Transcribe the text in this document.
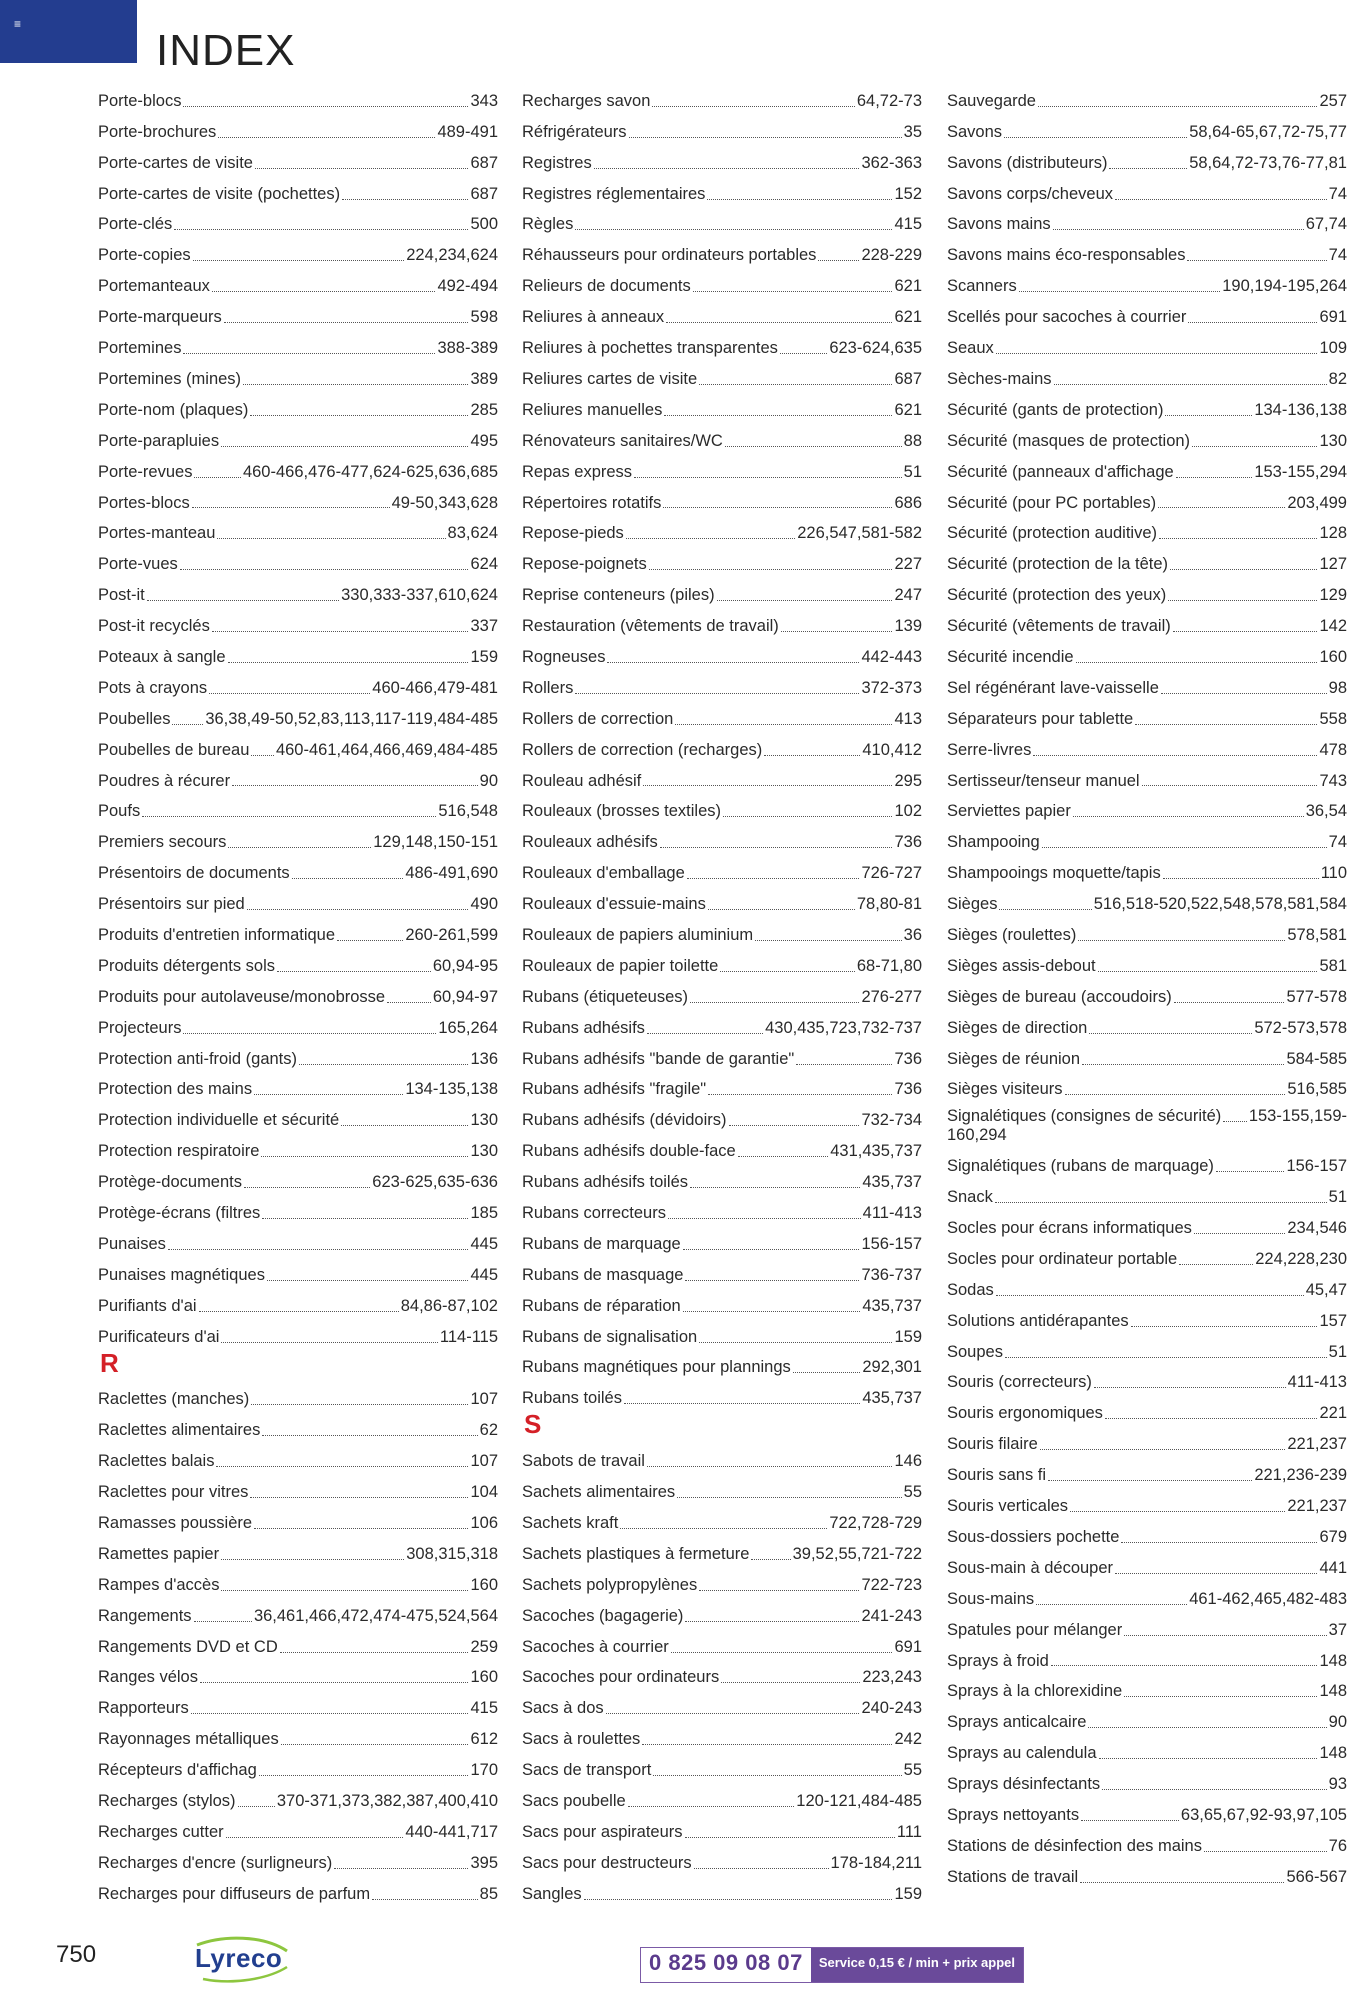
≡
INDEX
Porte-blocs	343
Porte-brochures	489-491
Porte-cartes de visite	687
Porte-cartes de visite (pochettes)	687
Porte-clés	500
Porte-copies	224,234,624
Portemanteaux	492-494
Porte-marqueurs	598
Portemines	388-389
Portemines (mines)	389
Porte-nom (plaques)	285
Porte-parapluies	495
Porte-revues	460-466,476-477,624-625,636,685
Portes-blocs	49-50,343,628
Portes-manteau	83,624
Porte-vues	624
Post-it	330,333-337,610,624
Post-it recyclés	337
Poteaux à sangle	159
Pots à crayons	460-466,479-481
Poubelles 36,38,49-50,52,83,113,117-119,484-485
Poubelles de bureau 460-461,464,466,469,484-485
Poudres à récurer	90
Poufs	516,548
Premiers secours	129,148,150-151
Présentoirs de documents	486-491,690
Présentoirs sur pied	490
Produits d'entretien informatique	260-261,599
Produits détergents sols	60,94-95
Produits pour autolaveuse/monobrosse	60,94-97
Projecteurs	165,264
Protection anti-froid (gants)	136
Protection des mains	134-135,138
Protection individuelle et sécurité	130
Protection respiratoire	130
Protège-documents	623-625,635-636
Protège-écrans (filtres	185
Punaises	445
Punaises magnétiques	445
Purifiants d'ai	84,86-87,102
Purificateurs d'ai	114-115
R
Raclettes (manches)	107
Raclettes alimentaires	62
Raclettes balais	107
Raclettes pour vitres	104
Ramasses poussière	106
Ramettes papier	308,315,318
Rampes d'accès	160
Rangements	36,461,466,472,474-475,524,564
Rangements DVD et CD	259
Ranges vélos	160
Rapporteurs	415
Rayonnages métalliques	612
Récepteurs d'affichag	170
Recharges (stylos)	370-371,373,382,387,400,410
Recharges cutter	440-441,717
Recharges d'encre (surligneurs)	395
Recharges pour diffuseurs de parfum	85
Recharges savon	64,72-73
Réfrigérateurs	35
Registres	362-363
Registres réglementaires	152
Règles	415
Réhausseurs pour ordinateurs portables	228-229
Relieurs de documents	621
Reliures à anneaux	621
Reliures à pochettes transparentes	623-624,635
Reliures cartes de visite	687
Reliures manuelles	621
Rénovateurs sanitaires/WC	88
Repas express	51
Répertoires rotatifs	686
Repose-pieds	226,547,581-582
Repose-poignets	227
Reprise conteneurs (piles)	247
Restauration (vêtements de travail)	139
Rogneuses	442-443
Rollers	372-373
Rollers de correction	413
Rollers de correction (recharges)	410,412
Rouleau adhésif	295
Rouleaux (brosses textiles)	102
Rouleaux adhésifs	736
Rouleaux d'emballage	726-727
Rouleaux d'essuie-mains	78,80-81
Rouleaux de papiers aluminium	36
Rouleaux de papier toilette	68-71,80
Rubans (étiqueteuses)	276-277
Rubans adhésifs	430,435,723,732-737
Rubans adhésifs "bande de garantie"	736
Rubans adhésifs "fragile"	736
Rubans adhésifs (dévidoirs)	732-734
Rubans adhésifs double-face	431,435,737
Rubans adhésifs toilés	435,737
Rubans correcteurs	411-413
Rubans de marquage	156-157
Rubans de masquage	736-737
Rubans de réparation	435,737
Rubans de signalisation	159
Rubans magnétiques pour plannings	292,301
Rubans toilés	435,737
S
Sabots de travail	146
Sachets alimentaires	55
Sachets kraft	722,728-729
Sachets plastiques à fermeture	39,52,55,721-722
Sachets polypropylènes	722-723
Sacoches (bagagerie)	241-243
Sacoches à courrier	691
Sacoches pour ordinateurs	223,243
Sacs à dos	240-243
Sacs à roulettes	242
Sacs de transport	55
Sacs poubelle	120-121,484-485
Sacs pour aspirateurs	111
Sacs pour destructeurs	178-184,211
Sangles	159
Sauvegarde	257
Savons	58,64-65,67,72-75,77
Savons (distributeurs)	58,64,72-73,76-77,81
Savons corps/cheveux	74
Savons mains	67,74
Savons mains éco-responsables	74
Scanners	190,194-195,264
Scellés pour sacoches à courrier	691
Seaux	109
Sèches-mains	82
Sécurité (gants de protection)	134-136,138
Sécurité (masques de protection)	130
Sécurité (panneaux d'affichage	153-155,294
Sécurité (pour PC portables)	203,499
Sécurité (protection auditive)	128
Sécurité (protection de la tête)	127
Sécurité (protection des yeux)	129
Sécurité (vêtements de travail)	142
Sécurité incendie	160
Sel régénérant lave-vaisselle	98
Séparateurs pour tablette	558
Serre-livres	478
Sertisseur/tenseur manuel	743
Serviettes papier	36,54
Shampooing	74
Shampooings moquette/tapis	110
Sièges	516,518-520,522,548,578,581,584
Sièges (roulettes)	578,581
Sièges assis-debout	581
Sièges de bureau (accoudoirs)	577-578
Sièges de direction	572-573,578
Sièges de réunion	584-585
Sièges visiteurs	516,585
Signalétiques (consignes de sécurité) 153-155,159-
160,294
Signalétiques (rubans de marquage)	156-157
Snack	51
Socles pour écrans informatiques	234,546
Socles pour ordinateur portable	224,228,230
Sodas	45,47
Solutions antidérapantes	157
Soupes	51
Souris (correcteurs)	411-413
Souris ergonomiques	221
Souris filaire	221,237
Souris sans fi	221,236-239
Souris verticales	221,237
Sous-dossiers pochette	679
Sous-main à découper	441
Sous-mains	461-462,465,482-483
Spatules pour mélanger	37
Sprays à froid	148
Sprays à la chlorexidine	148
Sprays anticalcaire	90
Sprays au calendula	148
Sprays désinfectants	93
Sprays nettoyants	63,65,67,92-93,97,105
Stations de désinfection des mains	76
Stations de travail	566-567
750	Lyreco	0 825 09 08 07	Service 0,15 € / min + prix appel
